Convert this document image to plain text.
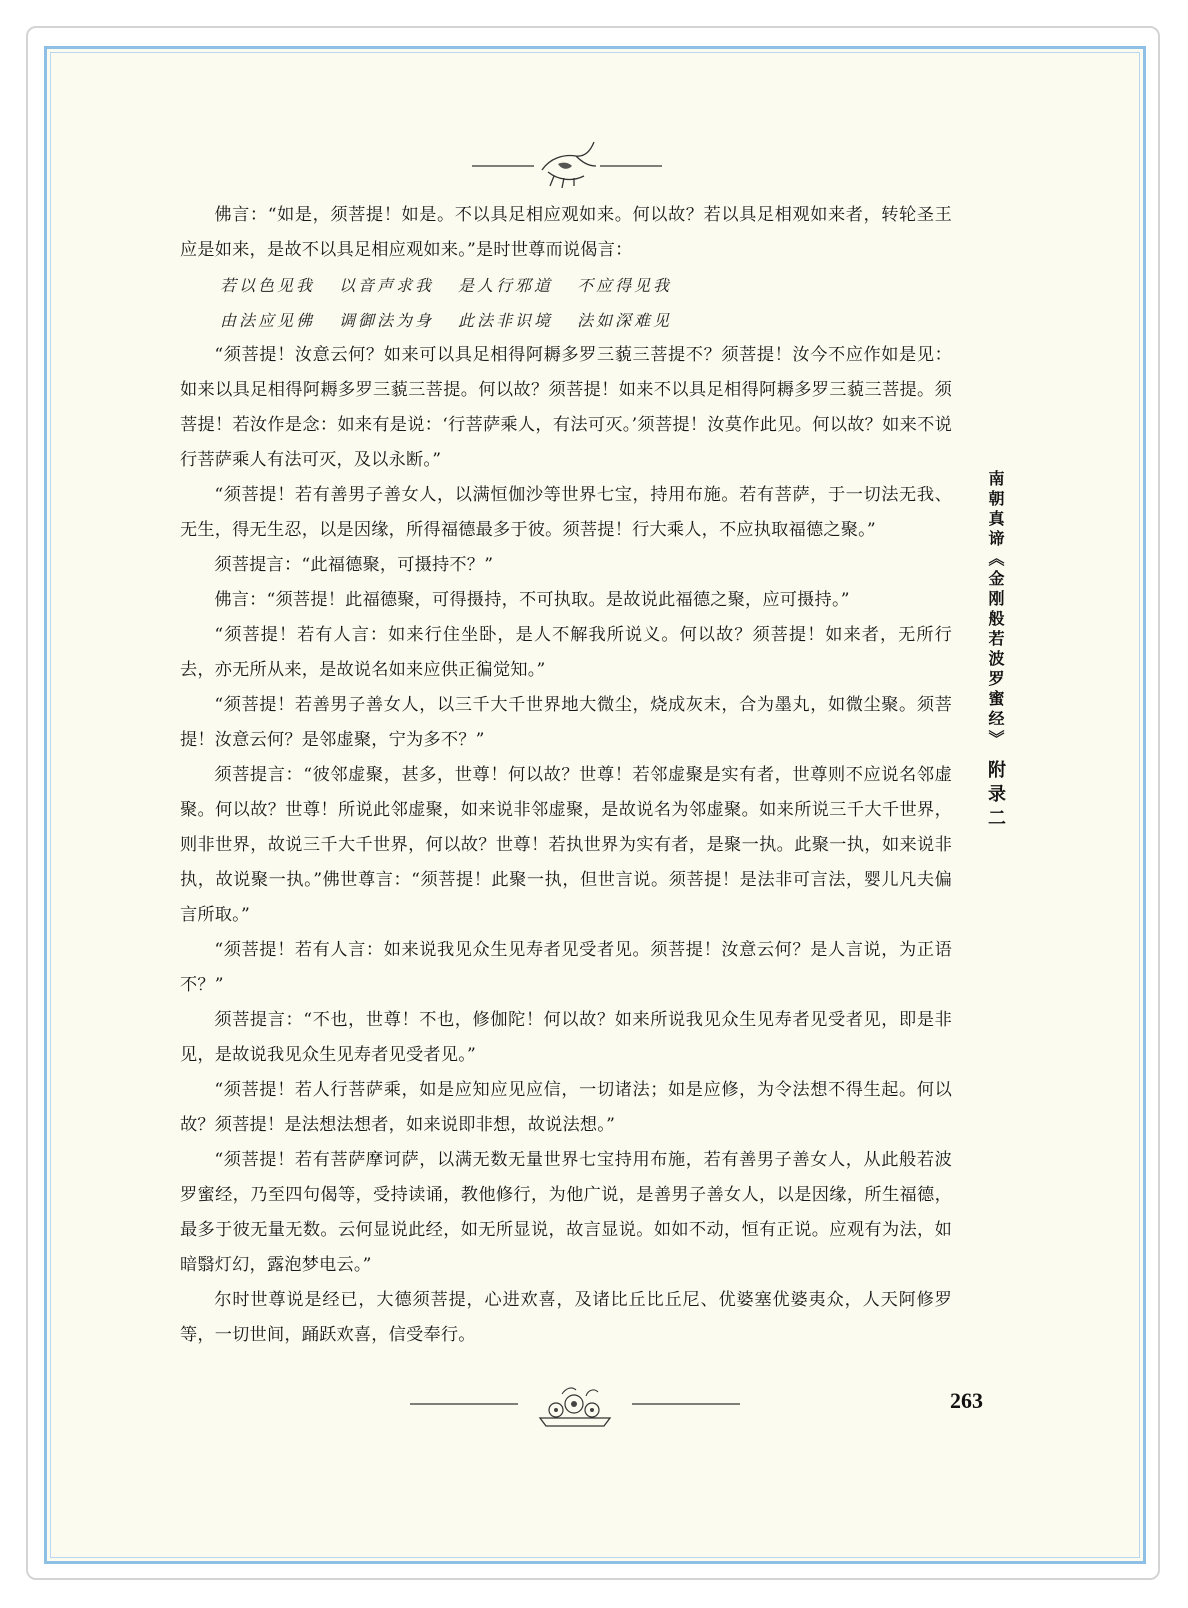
佛言：“如是，须菩提！如是。不以具足相应观如来。何以故？若以具足相观如来者，转轮圣王应是如来，是故不以具足相应观如来。”是时世尊而说偈言：

若以色见我 以音声求我 是人行邪道 不应得见我
由法应见佛 调御法为身 此法非识境 法如深难见

“须菩提！汝意云何？如来可以具足相得阿耨多罗三藐三菩提不？须菩提！汝今不应作如是见：如来以具足相得阿耨多罗三藐三菩提。何以故？须菩提！如来不以具足相得阿耨多罗三藐三菩提。须菩提！若汝作是念：如来有是说：‘行菩萨乘人，有法可灭。’须菩提！汝莫作此见。何以故？如来不说行菩萨乘人有法可灭，及以永断。”

“须菩提！若有善男子善女人，以满恒伽沙等世界七宝，持用布施。若有菩萨，于一切法无我、无生，得无生忍，以是因缘，所得福德最多于彼。须菩提！行大乘人，不应执取福德之聚。”

须菩提言：“此福德聚，可摄持不？”

佛言：“须菩提！此福德聚，可得摄持，不可执取。是故说此福德之聚，应可摄持。”

“须菩提！若有人言：如来行住坐卧，是人不解我所说义。何以故？须菩提！如来者，无所行去，亦无所从来，是故说名如来应供正徧觉知。”

“须菩提！若善男子善女人，以三千大千世界地大微尘，烧成灰末，合为墨丸，如微尘聚。须菩提！汝意云何？是邻虚聚，宁为多不？”

须菩提言：“彼邻虚聚，甚多，世尊！何以故？世尊！若邻虚聚是实有者，世尊则不应说名邻虚聚。何以故？世尊！所说此邻虚聚，如来说非邻虚聚，是故说名为邻虚聚。如来所说三千大千世界，则非世界，故说三千大千世界，何以故？世尊！若执世界为实有者，是聚一执。此聚一执，如来说非执，故说聚一执。”佛世尊言：“须菩提！此聚一执，但世言说。须菩提！是法非可言法，婴儿凡夫偏言所取。”

“须菩提！若有人言：如来说我见众生见寿者见受者见。须菩提！汝意云何？是人言说，为正语不？”

须菩提言：“不也，世尊！不也，修伽陀！何以故？如来所说我见众生见寿者见受者见，即是非见，是故说我见众生见寿者见受者见。”

“须菩提！若人行菩萨乘，如是应知应见应信，一切诸法；如是应修，为令法想不得生起。何以故？须菩提！是法想法想者，如来说即非想，故说法想。”

“须菩提！若有菩萨摩诃萨，以满无数无量世界七宝持用布施，若有善男子善女人，从此般若波罗蜜经，乃至四句偈等，受持读诵，教他修行，为他广说，是善男子善女人，以是因缘，所生福德，最多于彼无量无数。云何显说此经，如无所显说，故言显说。如如不动，恒有正说。应观有为法，如暗翳灯幻，露泡梦电云。”

尔时世尊说是经已，大德须菩提，心进欢喜，及诸比丘比丘尼、优婆塞优婆夷众，人天阿修罗等，一切世间，踊跃欢喜，信受奉行。

南朝真谛《金刚般若波罗蜜经》
附录二
263
